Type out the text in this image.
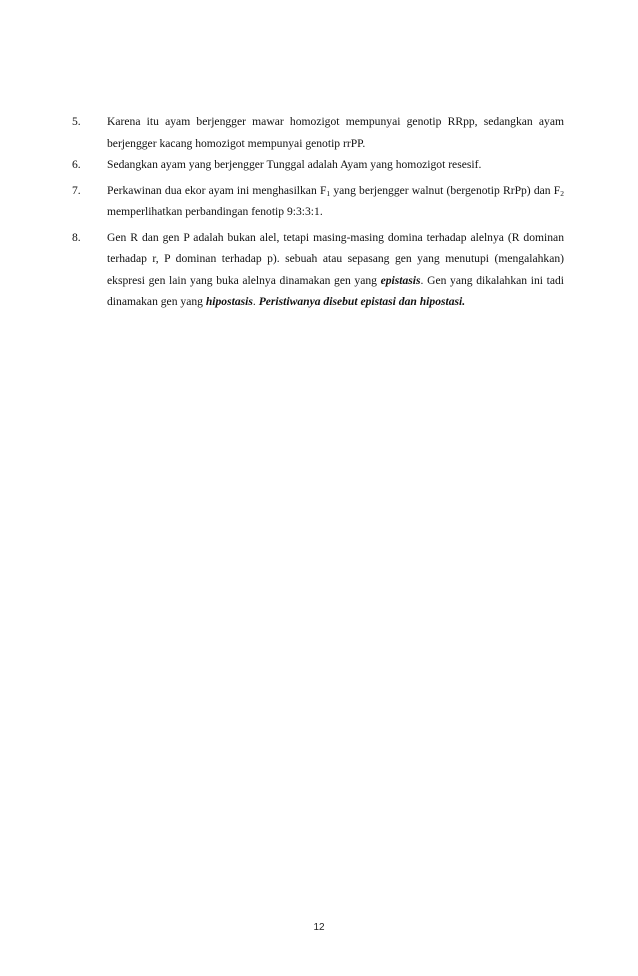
5.	Karena itu ayam berjengger mawar homozigot mempunyai genotip RRpp, sedangkan ayam berjengger kacang homozigot mempunyai genotip rrPP.
6.	Sedangkan ayam yang berjengger Tunggal adalah Ayam yang homozigot resesif.
7.	Perkawinan dua ekor ayam ini menghasilkan $F_1$ yang berjengger walnut (bergenotip RrPp) dan $F_2$ memperlihatkan perbandingan fenotip 9:3:3:1.
8.	Gen R dan gen P adalah bukan alel, tetapi masing-masing domina terhadap alelnya (R dominan terhadap r, P dominan terhadap p). sebuah atau sepasang gen yang menutupi (mengalahkan) ekspresi gen lain yang buka alelnya dinamakan gen yang epistasis. Gen yang dikalahkan ini tadi dinamakan gen yang hipostasis. Peristiwanya disebut epistasi dan hipostasi.
12
